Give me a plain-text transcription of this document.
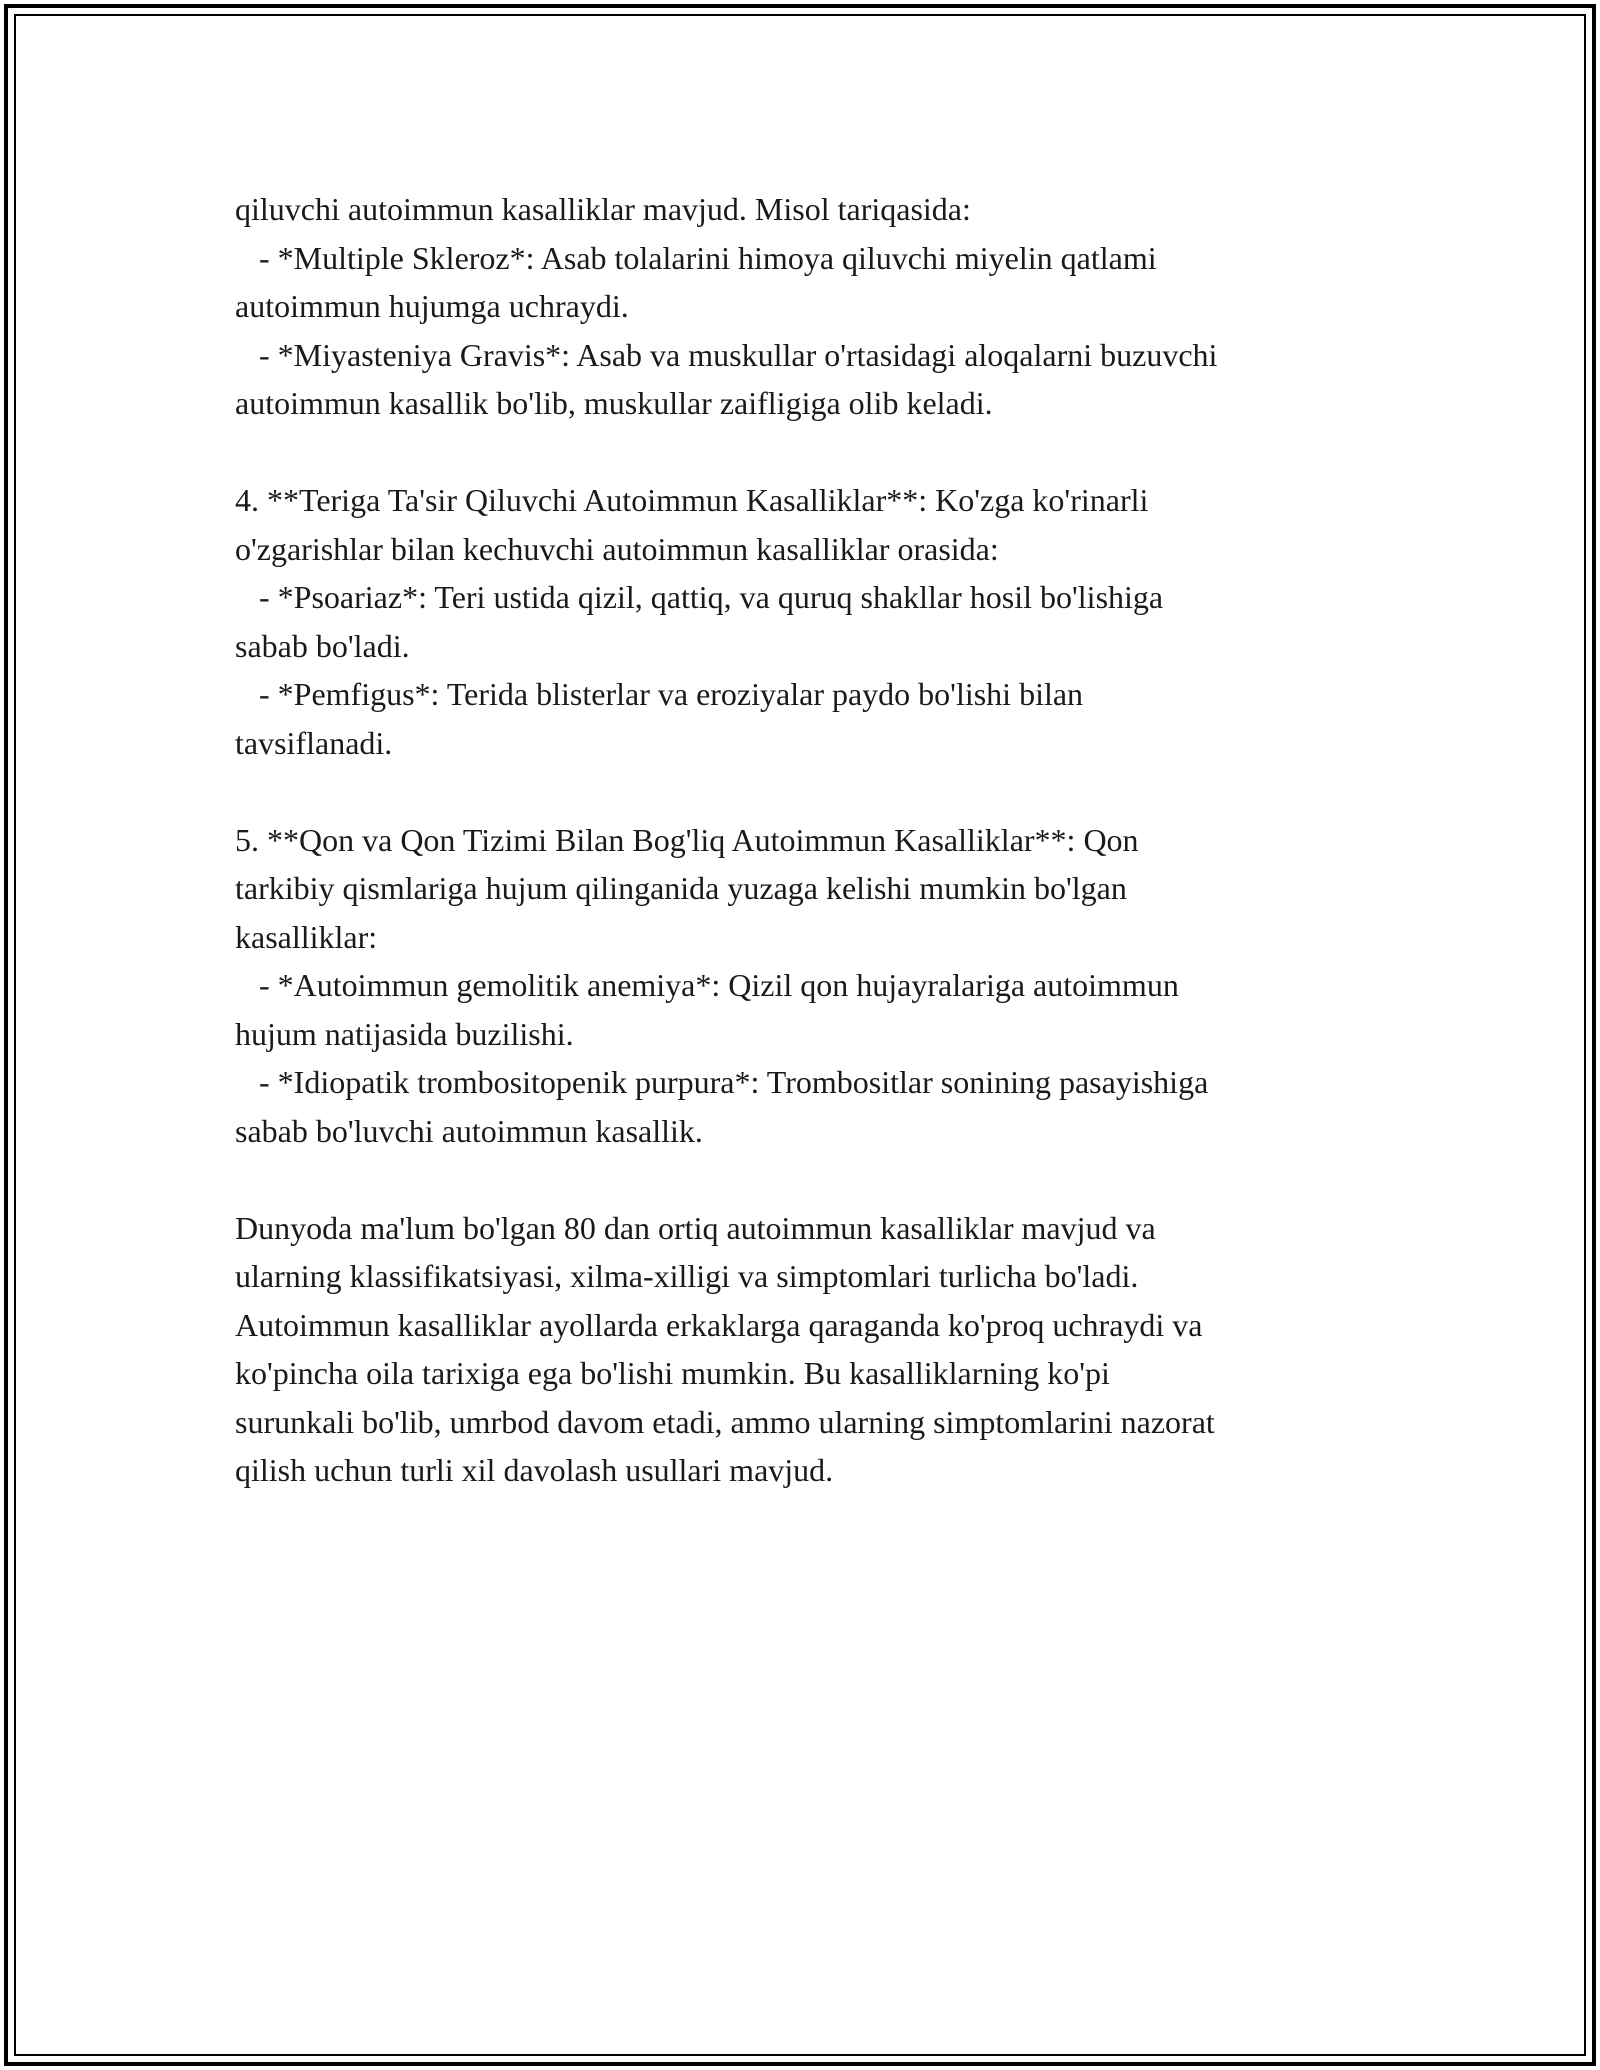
qiluvchi autoimmun kasalliklar mavjud. Misol tariqasida:
- *Multiple Skleroz*: Asab tolalarini himoya qiluvchi miyelin qatlami
autoimmun hujumga uchraydi.
- *Miyasteniya Gravis*: Asab va muskullar o'rtasidagi aloqalarni buzuvchi
autoimmun kasallik bo'lib, muskullar zaifligiga olib keladi.
4. **Teriga Ta'sir Qiluvchi Autoimmun Kasalliklar**: Ko'zga ko'rinarli
o'zgarishlar bilan kechuvchi autoimmun kasalliklar orasida:
- *Psoariaz*: Teri ustida qizil, qattiq, va quruq shakllar hosil bo'lishiga
sabab bo'ladi.
- *Pemfigus*: Terida blisterlar va eroziyalar paydo bo'lishi bilan
tavsiflanadi.
5. **Qon va Qon Tizimi Bilan Bog'liq Autoimmun Kasalliklar**: Qon
tarkibiy qismlariga hujum qilinganida yuzaga kelishi mumkin bo'lgan
kasalliklar:
- *Autoimmun gemolitik anemiya*: Qizil qon hujayralariga autoimmun
hujum natijasida buzilishi.
- *Idiopatik trombositopenik purpura*: Trombositlar sonining pasayishiga
sabab bo'luvchi autoimmun kasallik.
Dunyoda ma'lum bo'lgan 80 dan ortiq autoimmun kasalliklar mavjud va
ularning klassifikatsiyasi, xilma-xilligi va simptomlari turlicha bo'ladi.
Autoimmun kasalliklar ayollarda erkaklarga qaraganda ko'proq uchraydi va
ko'pincha oila tarixiga ega bo'lishi mumkin. Bu kasalliklarning ko'pi
surunkali bo'lib, umrbod davom etadi, ammo ularning simptomlarini nazorat
qilish uchun turli xil davolash usullari mavjud.
